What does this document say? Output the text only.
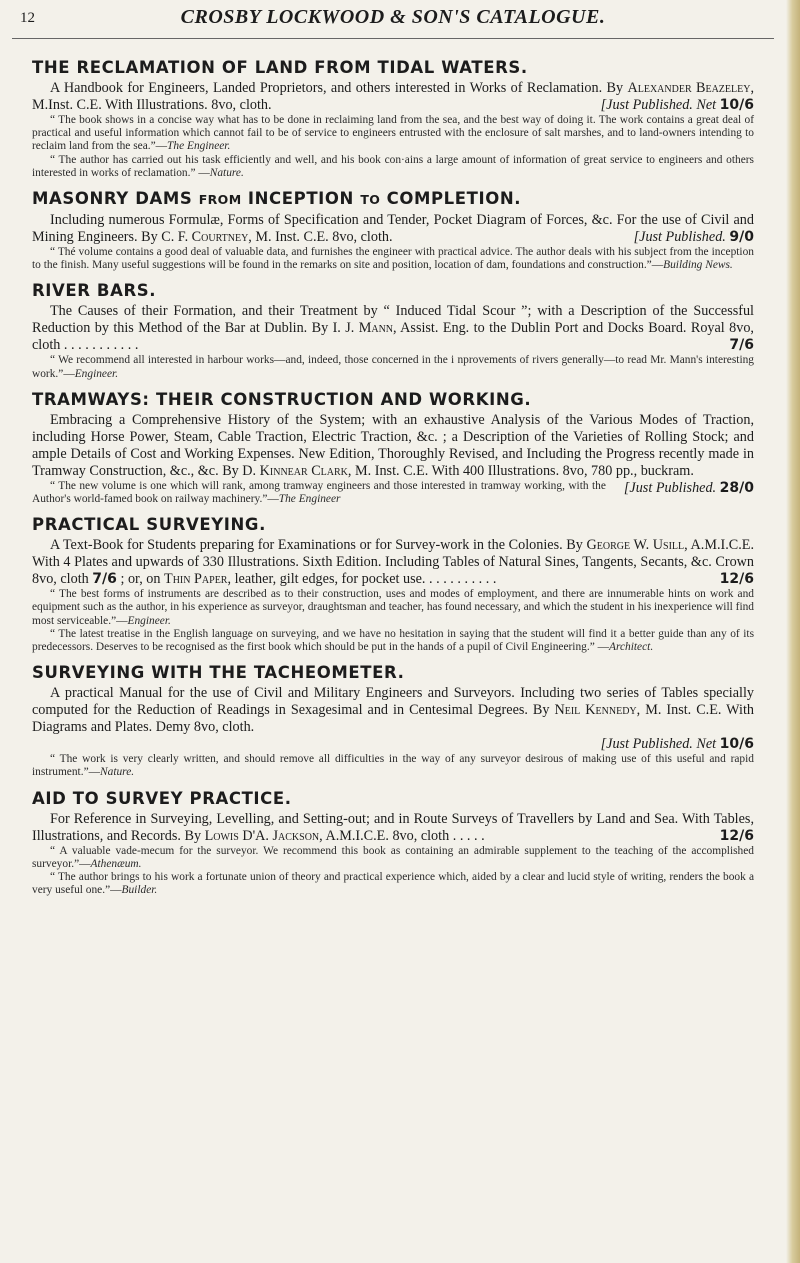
12	CROSBY LOCKWOOD & SON'S CATALOGUE.
THE RECLAMATION OF LAND FROM TIDAL WATERS.

A Handbook for Engineers, Landed Proprietors, and others interested in Works of Reclamation. By Alexander Beazeley, M.Inst. C.E. With Illustrations. 8vo, cloth.	[Just Published. Net 10/6

“ The book shows in a concise way what has to be done in reclaiming land from the sea, and the best way of doing it. The work contains a great deal of practical and useful information which cannot fail to be of service to engineers entrusted with the enclosure of salt marshes, and to land-owners intending to reclaim land from the sea.”—The Engineer.

“ The author has carried out his task efficiently and well, and his book con·ains a large amount of information of great service to engineers and others interested in works of reclamation.” —Nature.

MASONRY DAMS FROM INCEPTION TO COMPLETION.

Including numerous Formulæ, Forms of Specification and Tender, Pocket Diagram of Forces, &c. For the use of Civil and Mining Engineers. By C. F. Courtney, M. Inst. C.E. 8vo, cloth.	[Just Published. 9/0

“ Thé volume contains a good deal of valuable data, and furnishes the engineer with practical advice. The author deals with his subject from the inception to the finish. Many useful suggestions will be found in the remarks on site and position, location of dam, foundations and construction.”—Building News.

RIVER BARS.

The Causes of their Formation, and their Treatment by “ Induced Tidal Scour ”; with a Description of the Successful Reduction by this Method of the Bar at Dublin. By I. J. Mann, Assist. Eng. to the Dublin Port and Docks Board. Royal 8vo, cloth . . . . . . . . . . .	7/6

“ We recommend all interested in harbour works—and, indeed, those concerned in the i nprovements of rivers generally—to read Mr. Mann's interesting work.”—Engineer.

TRAMWAYS: THEIR CONSTRUCTION AND WORKING.

Embracing a Comprehensive History of the System; with an exhaustive Analysis of the Various Modes of Traction, including Horse Power, Steam, Cable Traction, Electric Traction, &c. ; a Description of the Varieties of Rolling Stock; and ample Details of Cost and Working Expenses. New Edition, Thoroughly Revised, and Including the Progress recently made in Tramway Construction, &c., &c. By D. Kinnear Clark, M. Inst. C.E. With 400 Illustrations. 8vo, 780 pp., buckram.
[Just Published. 28/0

“ The new volume is one which will rank, among tramway engineers and those interested in tramway working, with the Author's world-famed book on railway machinery.”—The Engineer

PRACTICAL SURVEYING.

A Text-Book for Students preparing for Examinations or for Survey-work in the Colonies. By George W. Usill, A.M.I.C.E. With 4 Plates and upwards of 330 Illustrations. Sixth Edition. Including Tables of Natural Sines, Tangents, Secants, &c. Crown 8vo, cloth 7/6 ; or, on Thin Paper, leather, gilt edges, for pocket use. . . . . . . . . . .	12/6

“ The best forms of instruments are described as to their construction, uses and modes of employment, and there are innumerable hints on work and equipment such as the author, in his experience as surveyor, draughtsman and teacher, has found necessary, and which the student in his inexperience will find most serviceable.”—Engineer.

“ The latest treatise in the English language on surveying, and we have no hesitation in saying that the student will find it a better guide than any of its predecessors. Deserves to be recognised as the first book which should be put in the hands of a pupil of Civil Engineering.” —Architect.

SURVEYING WITH THE TACHEOMETER.

A practical Manual for the use of Civil and Military Engineers and Surveyors. Including two series of Tables specially computed for the Reduction of Readings in Sexagesimal and in Centesimal Degrees. By Neil Kennedy, M. Inst. C.E. With Diagrams and Plates. Demy 8vo, cloth.
[Just Published. Net 10/6

“ The work is very clearly written, and should remove all difficulties in the way of any surveyor desirous of making use of this useful and rapid instrument.”—Nature.

AID TO SURVEY PRACTICE.

For Reference in Surveying, Levelling, and Setting-out; and in Route Surveys of Travellers by Land and Sea. With Tables, Illustrations, and Records. By Lowis D'A. Jackson, A.M.I.C.E. 8vo, cloth . . . . .	12/6

“ A valuable vade-mecum for the surveyor. We recommend this book as containing an admirable supplement to the teaching of the accomplished surveyor.”—Athenæum.

“ The author brings to his work a fortunate union of theory and practical experience which, aided by a clear and lucid style of writing, renders the book a very useful one.”—Builder.
